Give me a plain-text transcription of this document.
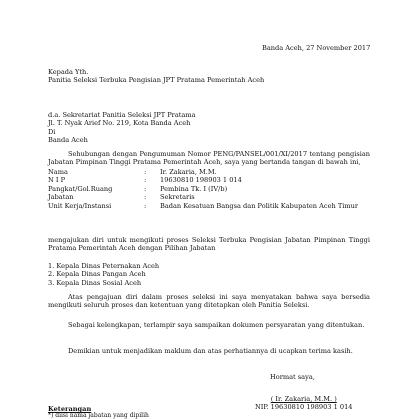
Banda Aceh, 27 November 2017
Kepada Yth.
Panitia Seleksi Terbuka Pengisian JPT Pratama Pemerintah Aceh
d.a. Sekretariat Panitia Seleksi JPT Pratama
Jl. T. Nyak Arief No. 219, Kota Banda Aceh
Di
Banda Aceh
Sehubungan dengan Pengumuman Nomor PENG/PANSEL/001/XI/2017 tentang pengisian Jabatan Pimpinan Tinggi Pratama Pemerintah Aceh, saya yang bertanda tangan di bawah ini,
Nama	:	Ir. Zakaria, M.M.
N I P	:	19630810 198903 1 014
Pangkat/Gol.Ruang	:	Pembina Tk. I (IV/b)
Jabatan	:	Sekretaris
Unit Kerja/Instansi	:	Badan Kesatuan Bangsa dan Politik Kabupaten Aceh Timur
mengajukan diri untuk mengikuti proses Seleksi Terbuka Pengisian Jabatan Pimpinan Tinggi Pratama Pemerintah Aceh dengan Pilihan Jabatan
1. Kepala Dinas Peternakan Aceh
2. Kepala Dinas Pangan Aceh
3. Kepala Dinas Sosial Aceh
Atas pengajuan diri dalam proses seleksi ini saya menyatakan bahwa saya bersedia mengikuti seluruh proses dan ketentuan yang ditetapkan oleh Panitia Seleksi.
Sebagai kelengkapan, terlampir saya sampaikan dokumen persyaratan yang ditentukan.
Demikian untuk menjadikan maklum dan atas perhatiannya di ucapkan terima kasih.
Hormat saya,
( Ir. Zakaria, M.M. )
NIP. 19630810 198903 1 014
Keterangan
*) diisi nama jabatan yang dipilih
